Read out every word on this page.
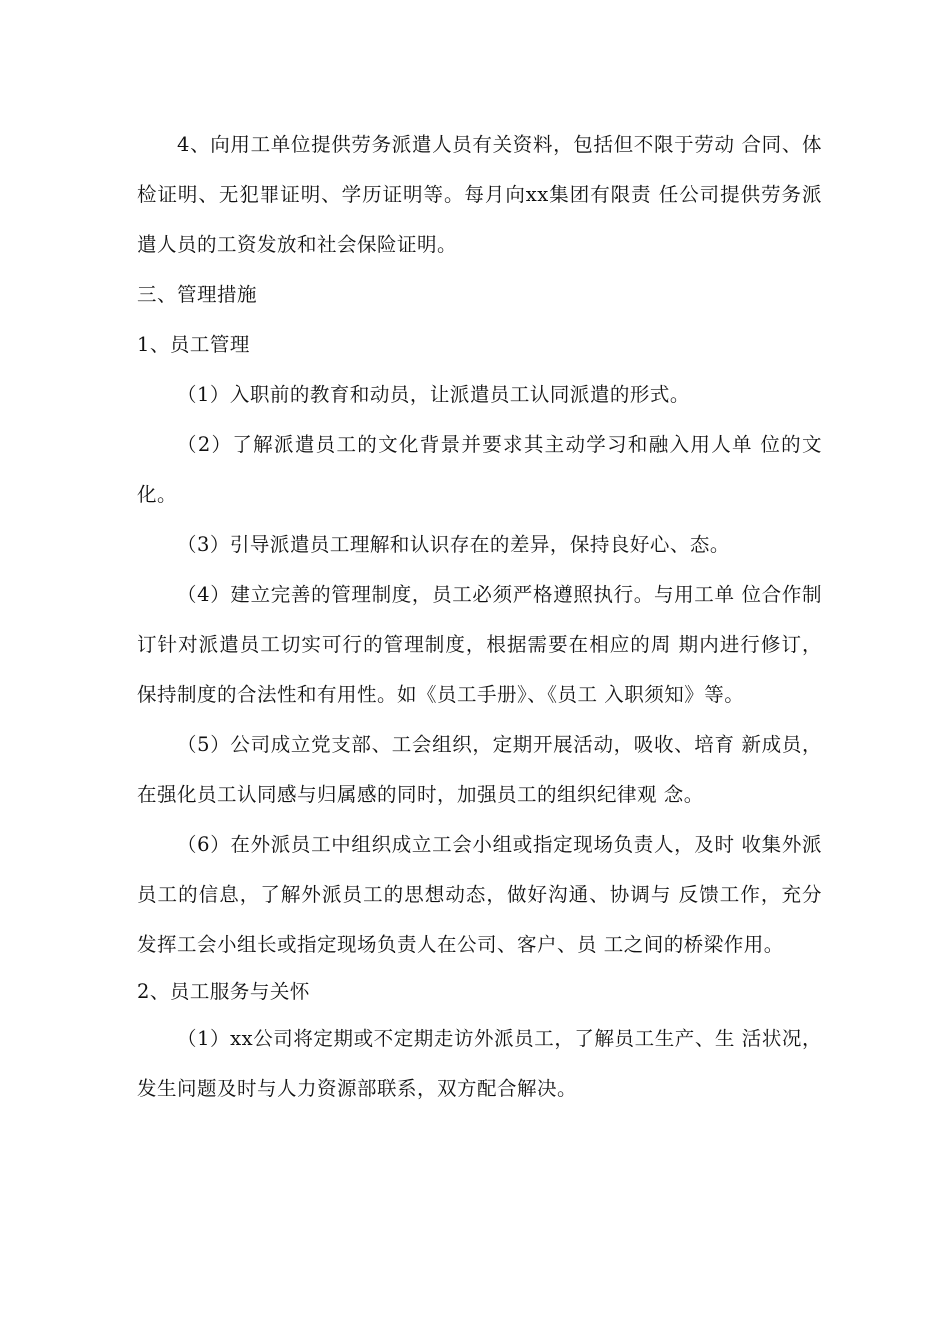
4、向用工单位提供劳务派遣人员有关资料，包括但不限于劳动 合同、体检证明、无犯罪证明、学历证明等。每月向xx集团有限责 任公司提供劳务派遣人员的工资发放和社会保险证明。

三、管理措施

1、员工管理

（1）入职前的教育和动员，让派遣员工认同派遣的形式。

（2）了解派遣员工的文化背景并要求其主动学习和融入用人单 位的文化。

（3）引导派遣员工理解和认识存在的差异，保持良好心、态。

（4）建立完善的管理制度，员工必须严格遵照执行。与用工单 位合作制订针对派遣员工切实可行的管理制度，根据需要在相应的周 期内进行修订，保持制度的合法性和有用性。如《员工手册》、《员工 入职须知》等。

（5）公司成立党支部、工会组织，定期开展活动，吸收、培育 新成员，在强化员工认同感与归属感的同时，加强员工的组织纪律观 念。

（6）在外派员工中组织成立工会小组或指定现场负责人，及时 收集外派员工的信息，了解外派员工的思想动态，做好沟通、协调与 反馈工作，充分发挥工会小组长或指定现场负责人在公司、客户、员 工之间的桥梁作用。

2、员工服务与关怀

（1）xx公司将定期或不定期走访外派员工，了解员工生产、生 活状况，发生问题及时与人力资源部联系，双方配合解决。
